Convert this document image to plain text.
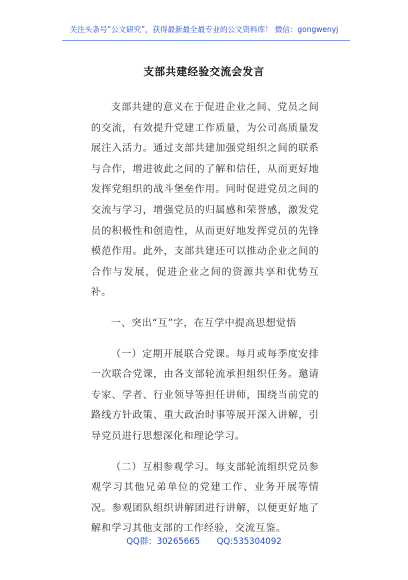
关注头条号“公文研究”，获得最新最全最专业的公文资料库！ 微信：gongwenyj
支部共建经验交流会发言

支部共建的意义在于促进企业之间、党员之间的交流，有效提升党建工作质量，为公司高质量发展注入活力。通过支部共建加强党组织之间的联系与合作，增进彼此之间的了解和信任，从而更好地发挥党组织的战斗堡垒作用。同时促进党员之间的交流与学习，增强党员的归属感和荣誉感，激发党员的积极性和创造性，从而更好地发挥党员的先锋模范作用。此外，支部共建还可以推动企业之间的合作与发展，促进企业之间的资源共享和优势互补。

一、突出“互”字，在互学中提高思想觉悟

（一）定期开展联合党课。每月或每季度安排一次联合党课，由各支部轮流承担组织任务。邀请专家、学者、行业领导等担任讲师，围绕当前党的路线方针政策、重大政治时事等展开深入讲解，引导党员进行思想深化和理论学习。

（二）互相参观学习。每支部轮流组织党员参观学习其他兄弟单位的党建工作、业务开展等情况。参观团队组织讲解团进行讲解，以便更好地了解和学习其他支部的工作经验，交流互鉴。

QQ群：30265665 QQ:535304092
